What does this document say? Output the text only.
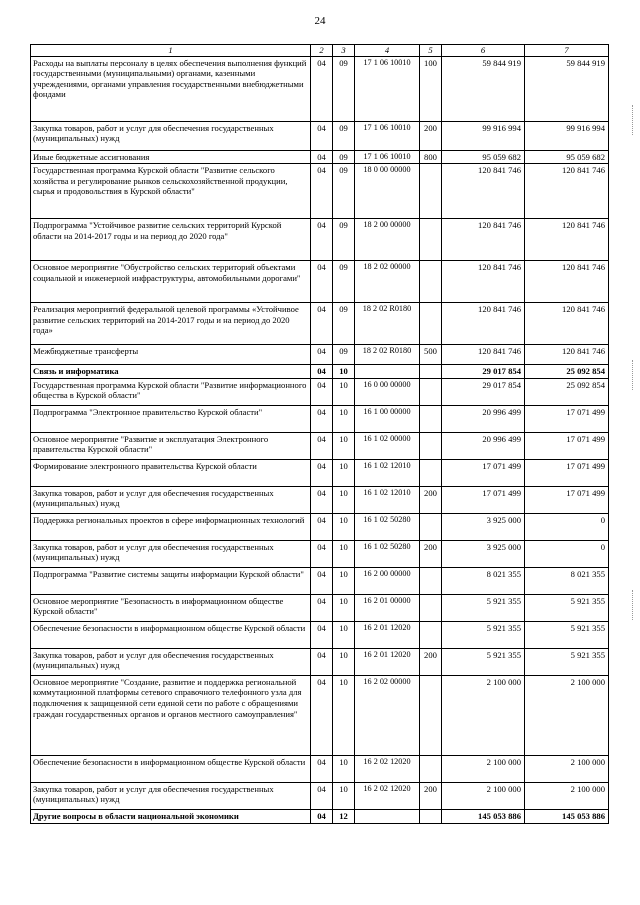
24
1	2	3	4	5	6	7
Расходы на выплаты персоналу в целях обеспечения выполнения функций государственными (муниципальными) органами, казенными учреждениями, органами управления государственными внебюджетными фондами	04	09	17 1 06 10010	100	59 844 919	59 844 919
Закупка товаров, работ и услуг для обеспечения государственных (муниципальных) нужд	04	09	17 1 06 10010	200	99 916 994	99 916 994
Иные бюджетные ассигнования	04	09	17 1 06 10010	800	95 059 682	95 059 682
Государственная программа Курской области "Развитие сельского хозяйства и регулирование рынков сельскохозяйственной продукции, сырья и продовольствия в Курской области"	04	09	18 0 00 00000		120 841 746	120 841 746
Подпрограмма "Устойчивое развитие сельских территорий Курской области на 2014-2017 годы и на период до 2020 года"	04	09	18 2 00 00000		120 841 746	120 841 746
Основное мероприятие "Обустройство сельских территорий объектами социальной и инженерной инфраструктуры, автомобильными дорогами"	04	09	18 2 02 00000		120 841 746	120 841 746
Реализация мероприятий федеральной целевой программы «Устойчивое развитие сельских территорий на 2014-2017 годы и на период до 2020 года»	04	09	18 2 02 R0180		120 841 746	120 841 746
Межбюджетные трансферты	04	09	18 2 02 R0180	500	120 841 746	120 841 746
Связь и информатика	04	10			29 017 854	25 092 854
Государственная программа Курской области "Развитие информационного общества в Курской области"	04	10	16 0 00 00000		29 017 854	25 092 854
Подпрограмма "Электронное правительство Курской области"	04	10	16 1 00 00000		20 996 499	17 071 499
Основное мероприятие "Развитие и эксплуатация Электронного правительства Курской области"	04	10	16 1 02 00000		20 996 499	17 071 499
Формирование электронного правительства Курской области	04	10	16 1 02 12010		17 071 499	17 071 499
Закупка товаров, работ и услуг для обеспечения государственных (муниципальных) нужд	04	10	16 1 02 12010	200	17 071 499	17 071 499
Поддержка региональных проектов в сфере информационных технологий	04	10	16 1 02 50280		3 925 000	0
Закупка товаров, работ и услуг для обеспечения государственных (муниципальных) нужд	04	10	16 1 02 50280	200	3 925 000	0
Подпрограмма "Развитие системы защиты информации Курской области"	04	10	16 2 00 00000		8 021 355	8 021 355
Основное мероприятие "Безопасность в информационном обществе Курской области"	04	10	16 2 01 00000		5 921 355	5 921 355
Обеспечение безопасности в информационном обществе Курской области	04	10	16 2 01 12020		5 921 355	5 921 355
Закупка товаров, работ и услуг для обеспечения государственных (муниципальных) нужд	04	10	16 2 01 12020	200	5 921 355	5 921 355
Основное мероприятие "Создание, развитие и поддержка региональной коммутационной платформы сетевого справочного телефонного узла для подключения к защищенной сети единой сети по работе с обращениями граждан государственных органов и органов местного самоуправления"	04	10	16 2 02 00000		2 100 000	2 100 000
Обеспечение безопасности в информационном обществе Курской области	04	10	16 2 02 12020		2 100 000	2 100 000
Закупка товаров, работ и услуг для обеспечения государственных (муниципальных) нужд	04	10	16 2 02 12020	200	2 100 000	2 100 000
Другие вопросы в области национальной экономики	04	12			145 053 886	145 053 886
